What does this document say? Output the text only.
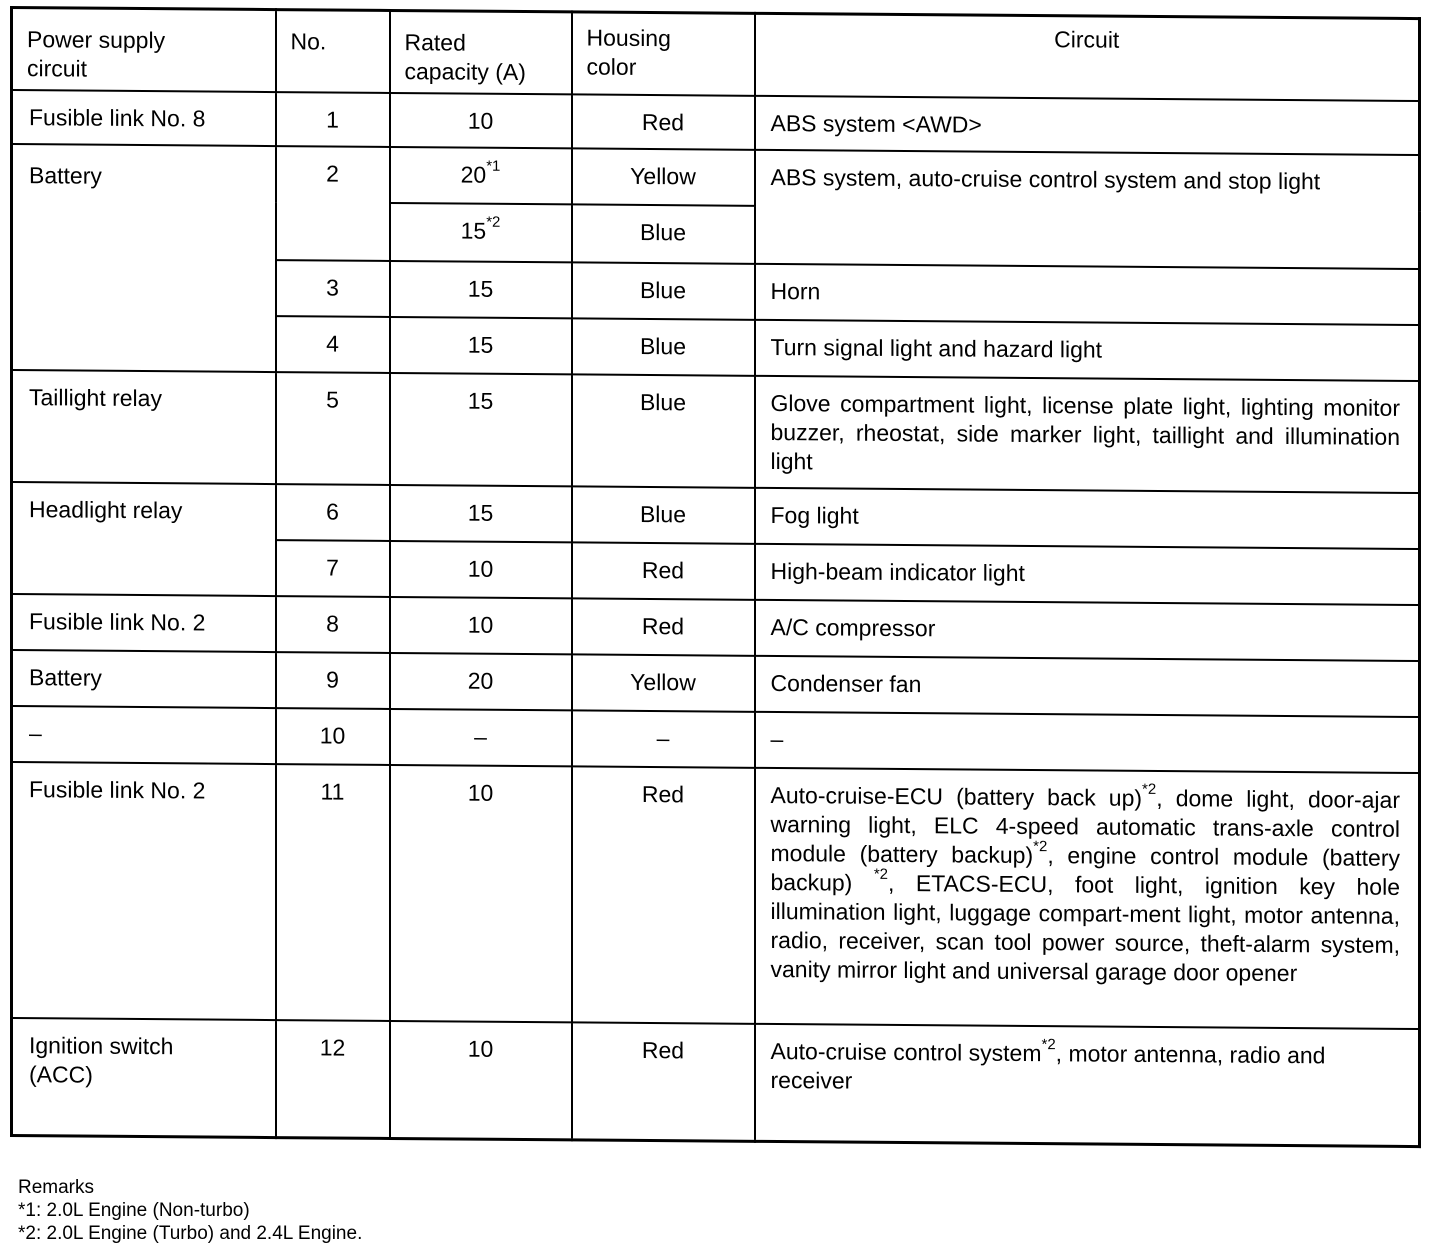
Power supply circuit	No.	Rated capacity (A)	Housing color	Circuit
Fusible link No. 8	1	10	Red	ABS system <AWD>
Battery	2	20$^{*1}$	Yellow	ABS system, auto-cruise control system and stop light
		15$^{*2}$	Blue	
	3	15	Blue	Horn
	4	15	Blue	Turn signal light and hazard light
Taillight relay	5	15	Blue	Glove compartment light, license plate light, lighting monitor buzzer, rheostat, side marker light, taillight and illumination light
Headlight relay	6	15	Blue	Fog light
	7	10	Red	High-beam indicator light
Fusible link No. 2	8	10	Red	A/C compressor
Battery	9	20	Yellow	Condenser fan
–	10	–	–	–
Fusible link No. 2	11	10	Red	Auto-cruise-ECU (battery back up)$^{*2}$, dome light, door-ajar warning light, ELC 4-speed automatic trans-axle control module (battery backup)$^{*2}$, engine control module (battery backup) $^{*2}$, ETACS-ECU, foot light, ignition key hole illumination light, luggage compart-ment light, motor antenna, radio, receiver, scan tool power source, theft-alarm system, vanity mirror light and universal garage door opener

Ignition switch (ACC)	12	10	Red	Auto-cruise control system$^{*2}$, motor antenna, radio and
receiver
Remarks
*1: 2.0L Engine (Non-turbo)
*2: 2.0L Engine (Turbo) and 2.4L Engine.
